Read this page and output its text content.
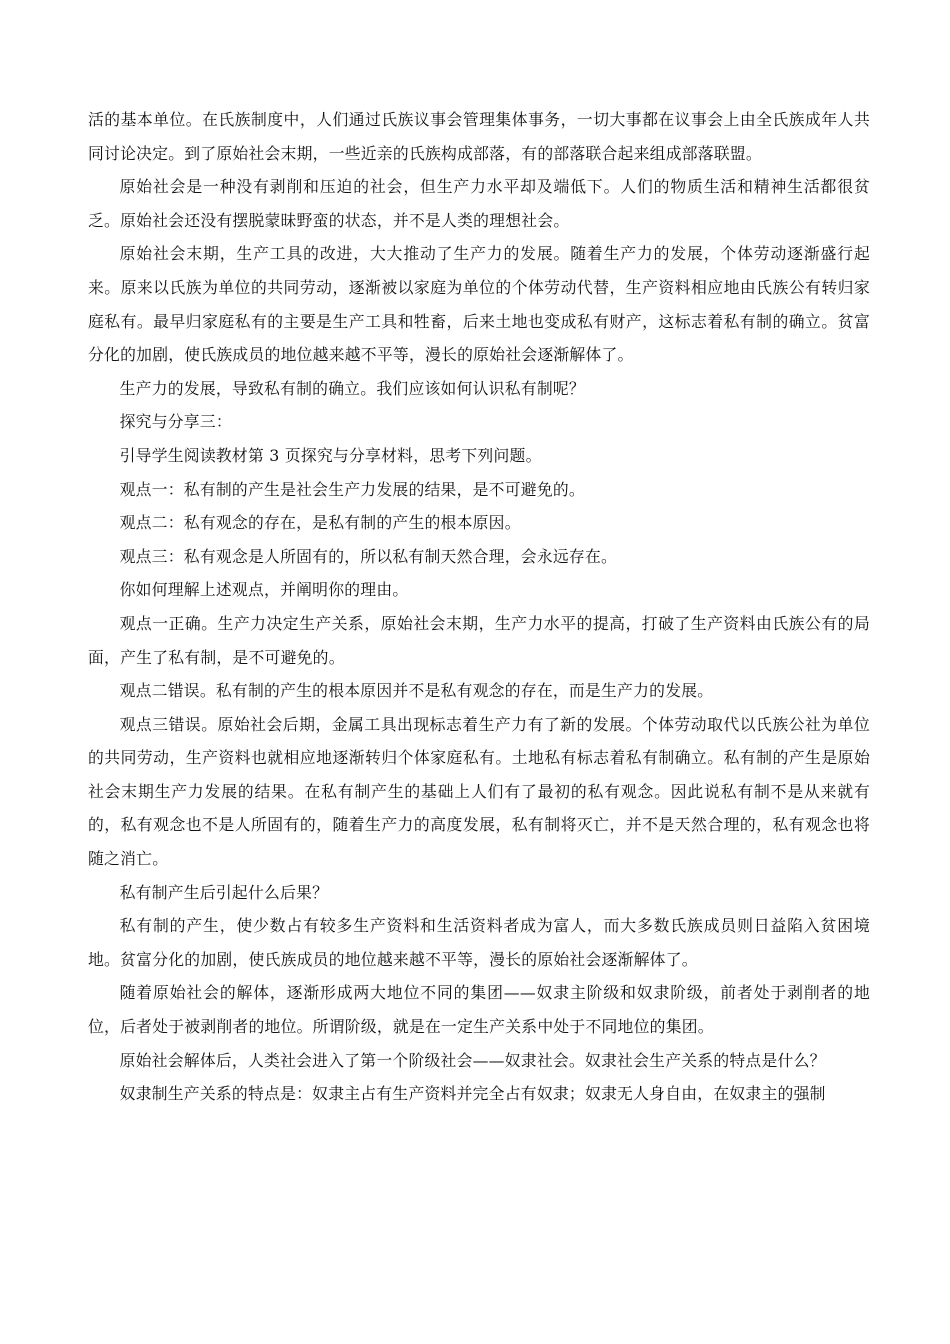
活的基本单位。在氏族制度中，人们通过氏族议事会管理集体事务，一切大事都在议事会上由全氏族成年人共同讨论决定。到了原始社会末期，一些近亲的氏族构成部落，有的部落联合起来组成部落联盟。

原始社会是一种没有剥削和压迫的社会，但生产力水平却及端低下。人们的物质生活和精神生活都很贫乏。原始社会还没有摆脱蒙昧野蛮的状态，并不是人类的理想社会。

原始社会末期，生产工具的改进，大大推动了生产力的发展。随着生产力的发展，个体劳动逐渐盛行起来。原来以氏族为单位的共同劳动，逐渐被以家庭为单位的个体劳动代替，生产资料相应地由氏族公有转归家庭私有。最早归家庭私有的主要是生产工具和牲畜，后来土地也变成私有财产，这标志着私有制的确立。贫富分化的加剧，使氏族成员的地位越来越不平等，漫长的原始社会逐渐解体了。

生产力的发展，导致私有制的确立。我们应该如何认识私有制呢？

探究与分享三：

引导学生阅读教材第 3 页探究与分享材料，思考下列问题。

观点一：私有制的产生是社会生产力发展的结果，是不可避免的。

观点二：私有观念的存在，是私有制的产生的根本原因。

观点三：私有观念是人所固有的，所以私有制天然合理，会永远存在。

你如何理解上述观点，并阐明你的理由。

观点一正确。生产力决定生产关系，原始社会末期，生产力水平的提高，打破了生产资料由氏族公有的局面，产生了私有制，是不可避免的。

观点二错误。私有制的产生的根本原因并不是私有观念的存在，而是生产力的发展。

观点三错误。原始社会后期，金属工具出现标志着生产力有了新的发展。个体劳动取代以氏族公社为单位的共同劳动，生产资料也就相应地逐渐转归个体家庭私有。土地私有标志着私有制确立。私有制的产生是原始社会末期生产力发展的结果。在私有制产生的基础上人们有了最初的私有观念。因此说私有制不是从来就有的，私有观念也不是人所固有的，随着生产力的高度发展，私有制将灭亡，并不是天然合理的，私有观念也将随之消亡。

私有制产生后引起什么后果？

私有制的产生，使少数占有较多生产资料和生活资料者成为富人，而大多数氏族成员则日益陷入贫困境地。贫富分化的加剧，使氏族成员的地位越来越不平等，漫长的原始社会逐渐解体了。

随着原始社会的解体，逐渐形成两大地位不同的集团——奴隶主阶级和奴隶阶级，前者处于剥削者的地位，后者处于被剥削者的地位。所谓阶级，就是在一定生产关系中处于不同地位的集团。

原始社会解体后，人类社会进入了第一个阶级社会——奴隶社会。奴隶社会生产关系的特点是什么？

奴隶制生产关系的特点是：奴隶主占有生产资料并完全占有奴隶；奴隶无人身自由，在奴隶主的强制
